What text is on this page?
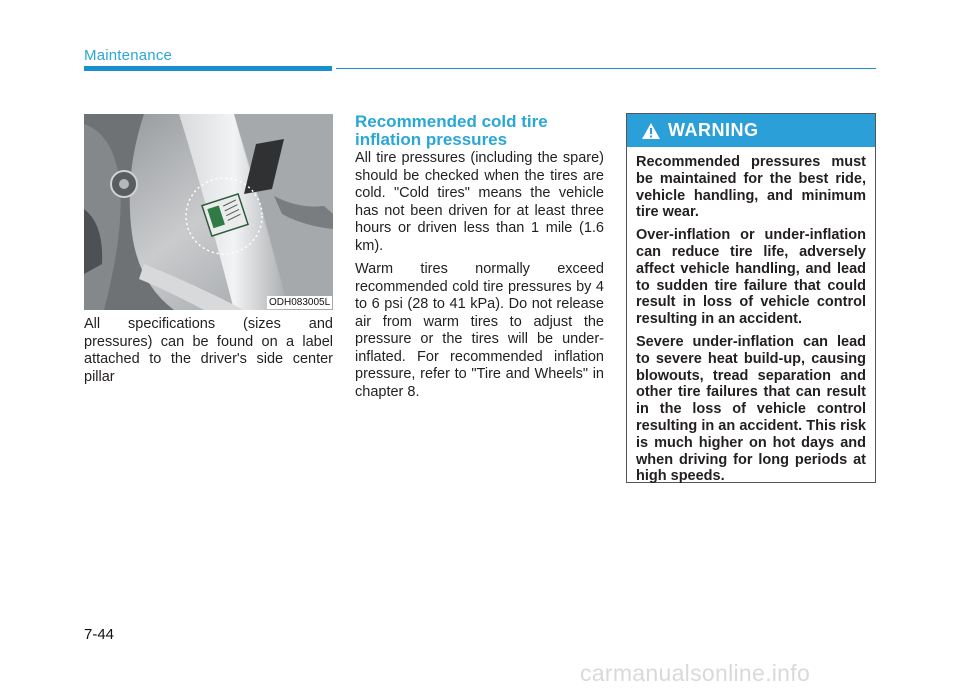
Maintenance
ODH083005L

All specifications (sizes and pressures) can be found on a label attached to the driver's side center pillar

Recommended cold tire inflation pressures

All tire pressures (including the spare) should be checked when the tires are cold. "Cold tires" means the vehicle has not been driven for at least three hours or driven less than 1 mile (1.6 km).

Warm tires normally exceed recommended cold tire pressures by 4 to 6 psi (28 to 41 kPa). Do not release air from warm tires to adjust the pressure or the tires will be under-inflated. For recommended inflation pressure, refer to "Tire and Wheels" in chapter 8.

WARNING

Recommended pressures must be maintained for the best ride, vehicle handling, and minimum tire wear.

Over-inflation or under-inflation can reduce tire life, adversely affect vehicle handling, and lead to sudden tire failure that could result in loss of vehicle control resulting in an accident.

Severe under-inflation can lead to severe heat build-up, causing blowouts, tread separation and other tire failures that can result in the loss of vehicle control resulting in an accident. This risk is much higher on hot days and when driving for long periods at high speeds.

7-44
carmanualsonline.info
